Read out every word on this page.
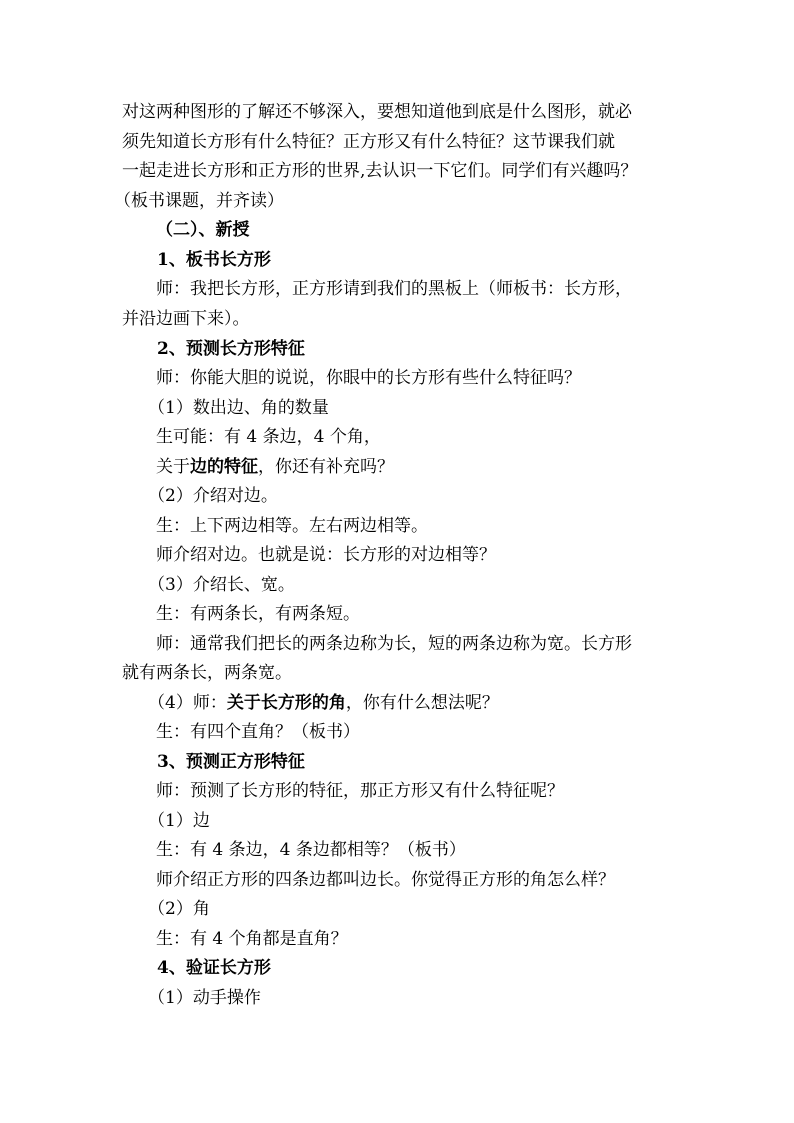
对这两种图形的了解还不够深入，要想知道他到底是什么图形，就必
须先知道长方形有什么特征？正方形又有什么特征？这节课我们就
一起走进长方形和正方形的世界,去认识一下它们。同学们有兴趣吗？
（板书课题，并齐读）
（二）、新授
1、板书长方形
师：我把长方形，正方形请到我们的黑板上（师板书：长方形，
并沿边画下来）。
2、预测长方形特征
师：你能大胆的说说，你眼中的长方形有些什么特征吗？
（1）数出边、角的数量
生可能：有 4 条边，4 个角，
关于边的特征，你还有补充吗？
（2）介绍对边。
生：上下两边相等。左右两边相等。
师介绍对边。也就是说：长方形的对边相等？
（3）介绍长、宽。
生：有两条长，有两条短。
师：通常我们把长的两条边称为长，短的两条边称为宽。长方形
就有两条长，两条宽。
（4）师：关于长方形的角，你有什么想法呢？
生：有四个直角？（板书）
3、预测正方形特征
师：预测了长方形的特征，那正方形又有什么特征呢？
（1）边
生：有 4 条边，4 条边都相等？（板书）
师介绍正方形的四条边都叫边长。你觉得正方形的角怎么样？
（2）角
生：有 4 个角都是直角？
4、验证长方形
（1）动手操作
